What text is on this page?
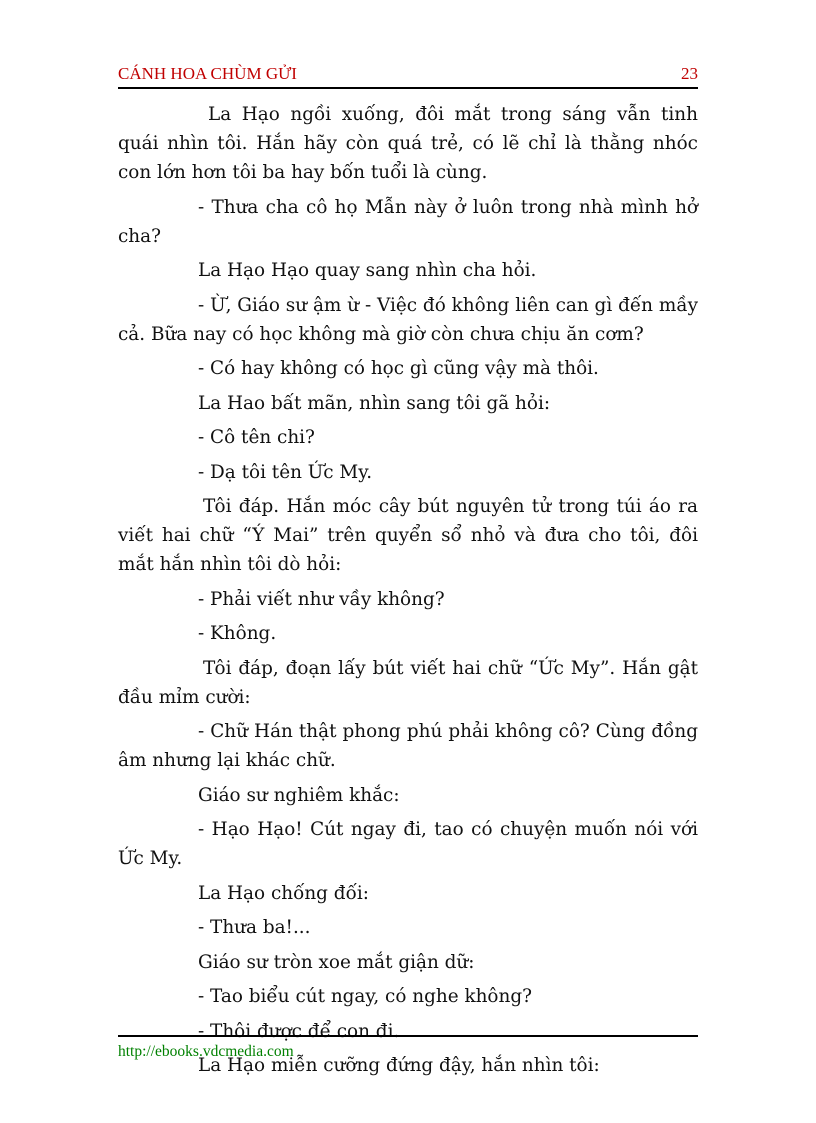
CÁNH HOA CHÙM GỬI	23

La Hạo ngồi xuống, đôi mắt trong sáng vẫn tinh quái nhìn tôi. Hắn hãy còn quá trẻ, có lẽ chỉ là thằng nhóc con lớn hơn tôi ba hay bốn tuổi là cùng.

- Thưa cha cô họ Mẫn này ở luôn trong nhà mình hở cha?

La Hạo Hạo quay sang nhìn cha hỏi.

- Ừ, Giáo sư ậm ừ - Việc đó không liên can gì đến mầy cả. Bữa nay có học không mà giờ còn chưa chịu ăn cơm?

- Có hay không có học gì cũng vậy mà thôi.

La Hao bất mãn, nhìn sang tôi gã hỏi:

- Cô tên chi?

- Dạ tôi tên Ức My.

Tôi đáp. Hắn móc cây bút nguyên tử trong túi áo ra viết hai chữ “Ý Mai” trên quyển sổ nhỏ và đưa cho tôi, đôi mắt hắn nhìn tôi dò hỏi:

- Phải viết như vầy không?

- Không.

Tôi đáp, đoạn lấy bút viết hai chữ “Ức My”. Hắn gật đầu mỉm cười:

- Chữ Hán thật phong phú phải không cô? Cùng đồng âm nhưng lại khác chữ.

Giáo sư nghiêm khắc:

- Hạo Hạo! Cút ngay đi, tao có chuyện muốn nói với Ức My.

La Hạo chống đối:

- Thưa ba!...

Giáo sư tròn xoe mắt giận dữ:

- Tao biểu cút ngay, có nghe không?

- Thôi được để con đi.

La Hạo miễn cưỡng đứng đậy, hắn nhìn tôi:

http://ebooks.vdcmedia.com
